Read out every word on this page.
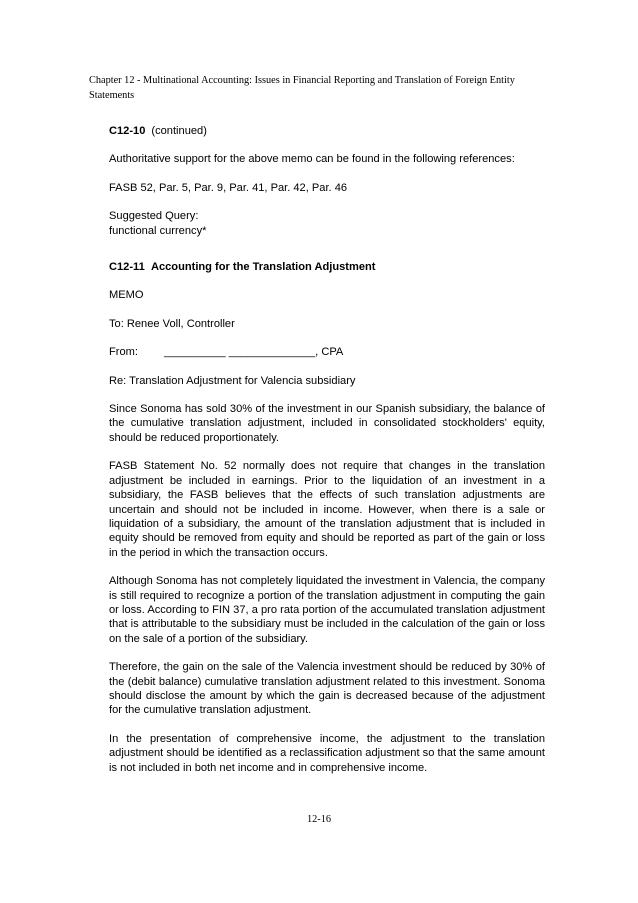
Chapter 12 - Multinational Accounting: Issues in Financial Reporting and Translation of Foreign Entity
Statements

C12-10 (continued)

Authoritative support for the above memo can be found in the following references:

FASB 52, Par. 5, Par. 9, Par. 41, Par. 42, Par. 46

Suggested Query:

functional currency*

C12-11 Accounting for the Translation Adjustment

MEMO

To: Renee Voll, Controller

From:	__________ ______________, CPA

Re: Translation Adjustment for Valencia subsidiary

Since Sonoma has sold 30% of the investment in our Spanish subsidiary, the balance of the cumulative translation adjustment, included in consolidated stockholders' equity, should be reduced proportionately.

FASB Statement No. 52 normally does not require that changes in the translation adjustment be included in earnings. Prior to the liquidation of an investment in a subsidiary, the FASB believes that the effects of such translation adjustments are uncertain and should not be included in income. However, when there is a sale or liquidation of a subsidiary, the amount of the translation adjustment that is included in equity should be removed from equity and should be reported as part of the gain or loss in the period in which the transaction occurs.

Although Sonoma has not completely liquidated the investment in Valencia, the company is still required to recognize a portion of the translation adjustment in computing the gain or loss. According to FIN 37, a pro rata portion of the accumulated translation adjustment that is attributable to the subsidiary must be included in the calculation of the gain or loss on the sale of a portion of the subsidiary.

Therefore, the gain on the sale of the Valencia investment should be reduced by 30% of the (debit balance) cumulative translation adjustment related to this investment. Sonoma should disclose the amount by which the gain is decreased because of the adjustment for the cumulative translation adjustment.

In the presentation of comprehensive income, the adjustment to the translation adjustment should be identified as a reclassification adjustment so that the same amount is not included in both net income and in comprehensive income.

12-16
